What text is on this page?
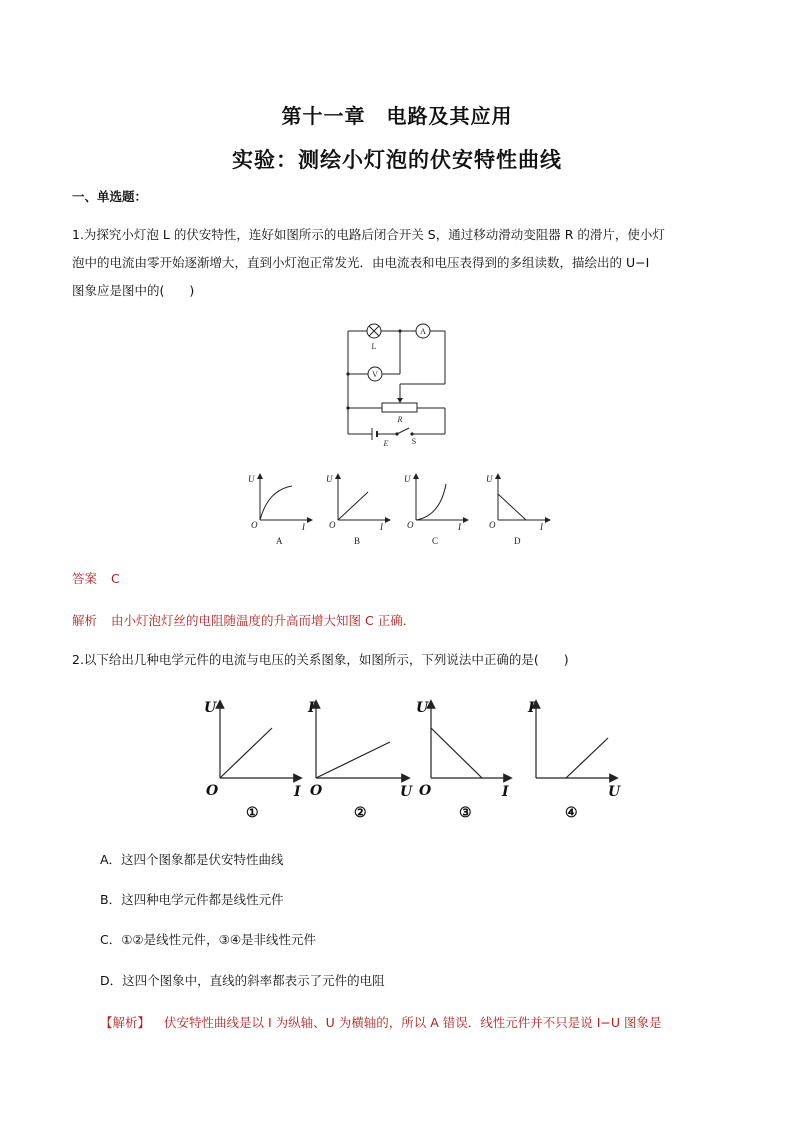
第十一章　电路及其应用
实验：测绘小灯泡的伏安特性曲线
一、单选题：
1.为探究小灯泡 L 的伏安特性，连好如图所示的电路后闭合开关 S，通过移动滑动变阻器 R 的滑片，使小灯
泡中的电流由零开始逐渐增大，直到小灯泡正常发光．由电流表和电压表得到的多组读数，描绘出的 U−I
图象应是图中的(　　)
A
V
L
R
E	S
U
O	I
A
U
O	I
B
U
O	I
C
U
O	I
D
答案 C
解析 由小灯泡灯丝的电阻随温度的升高而增大知图 C 正确．
2.以下给出几种电学元件的电流与电压的关系图象，如图所示，下列说法中正确的是(　　)
U
O	I
①
I
O	U
②
U
O	I
③
I
U
④
A．这四个图象都是伏安特性曲线
B．这四种电学元件都是线性元件
C．①②是线性元件，③④是非线性元件
D．这四个图象中，直线的斜率都表示了元件的电阻
【解析】 伏安特性曲线是以 I 为纵轴、U 为横轴的，所以 A 错误．线性元件并不只是说 I−U 图象是
